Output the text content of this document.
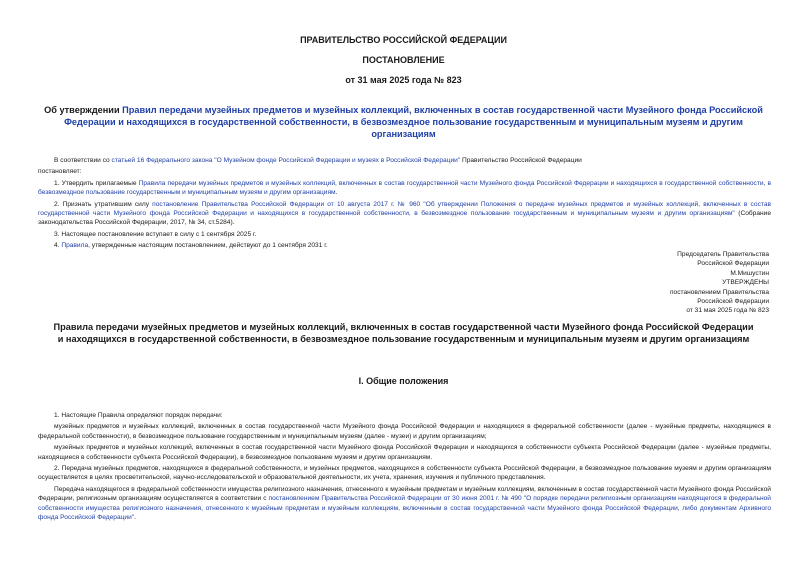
ПРАВИТЕЛЬСТВО РОССИЙСКОЙ ФЕДЕРАЦИИ
ПОСТАНОВЛЕНИЕ
от 31 мая 2025 года № 823
Об утверждении Правил передачи музейных предметов и музейных коллекций, включенных в состав государственной части Музейного фонда Российской Федерации и находящихся в государственной собственности, в безвозмездное пользование государственным и муниципальным музеям и другим организациям

В соответствии со статьей 16 Федерального закона "О Музейном фонде Российской Федерации и музеях в Российской Федерации" Правительство Российской Федерации

постановляет:

1. Утвердить прилагаемые Правила передачи музейных предметов и музейных коллекций, включенных в состав государственной части Музейного фонда Российской Федерации и находящихся в государственной собственности, в безвозмездное пользование государственным и муниципальным музеям и другим организациям.

2. Признать утратившим силу постановление Правительства Российской Федерации от 10 августа 2017 г. № 960 "Об утверждении Положения о передаче музейных предметов и музейных коллекций, включенных в состав государственной части Музейного фонда Российской Федерации и находящихся в государственной собственности, в безвозмездное пользование государственным и муниципальным музеям и другим организациям" (Собрание законодательства Российской Федерации, 2017, № 34, ст.5284).

3. Настоящее постановление вступает в силу с 1 сентября 2025 г.

4. Правила, утвержденные настоящим постановлением, действуют до 1 сентября 2031 г.

Председатель Правительства
Российской Федерации
М.Мишустин
УТВЕРЖДЕНЫ
постановлением Правительства
Российской Федерации
от 31 мая 2025 года № 823
Правила передачи музейных предметов и музейных коллекций, включенных в состав государственной части Музейного фонда Российской Федерации и находящихся в государственной собственности, в безвозмездное пользование государственным и муниципальным музеям и другим организациям
I. Общие положения

1. Настоящие Правила определяют порядок передачи:

музейных предметов и музейных коллекций, включенных в состав государственной части Музейного фонда Российской Федерации и находящихся в федеральной собственности (далее - музейные предметы, находящиеся в федеральной собственности), в безвозмездное пользование государственным и муниципальным музеям (далее - музеи) и другим организациям;

музейных предметов и музейных коллекций, включенных в состав государственной части Музейного фонда Российской Федерации и находящихся в собственности субъекта Российской Федерации (далее - музейные предметы, находящиеся в собственности субъекта Российской Федерации), в безвозмездное пользование музеям и другим организациям.

2. Передача музейных предметов, находящихся в федеральной собственности, и музейных предметов, находящихся в собственности субъекта Российской Федерации, в безвозмездное пользование музеям и другим организациям осуществляется в целях просветительской, научно-исследовательской и образовательной деятельности, их учета, хранения, изучения и публичного представления.

Передача находящегося в федеральной собственности имущества религиозного назначения, отнесенного к музейным предметам и музейным коллекциям, включенным в состав государственной части Музейного фонда Российской Федерации, религиозным организациям осуществляется в соответствии с постановлением Правительства Российской Федерации от 30 июня 2001 г. № 490 "О порядке передачи религиозным организациям находящегося в федеральной собственности имущества религиозного назначения, отнесенного к музейным предметам и музейным коллекциям, включенным в состав государственной части Музейного фонда Российской Федерации, либо документам Архивного фонда Российской Федерации".
